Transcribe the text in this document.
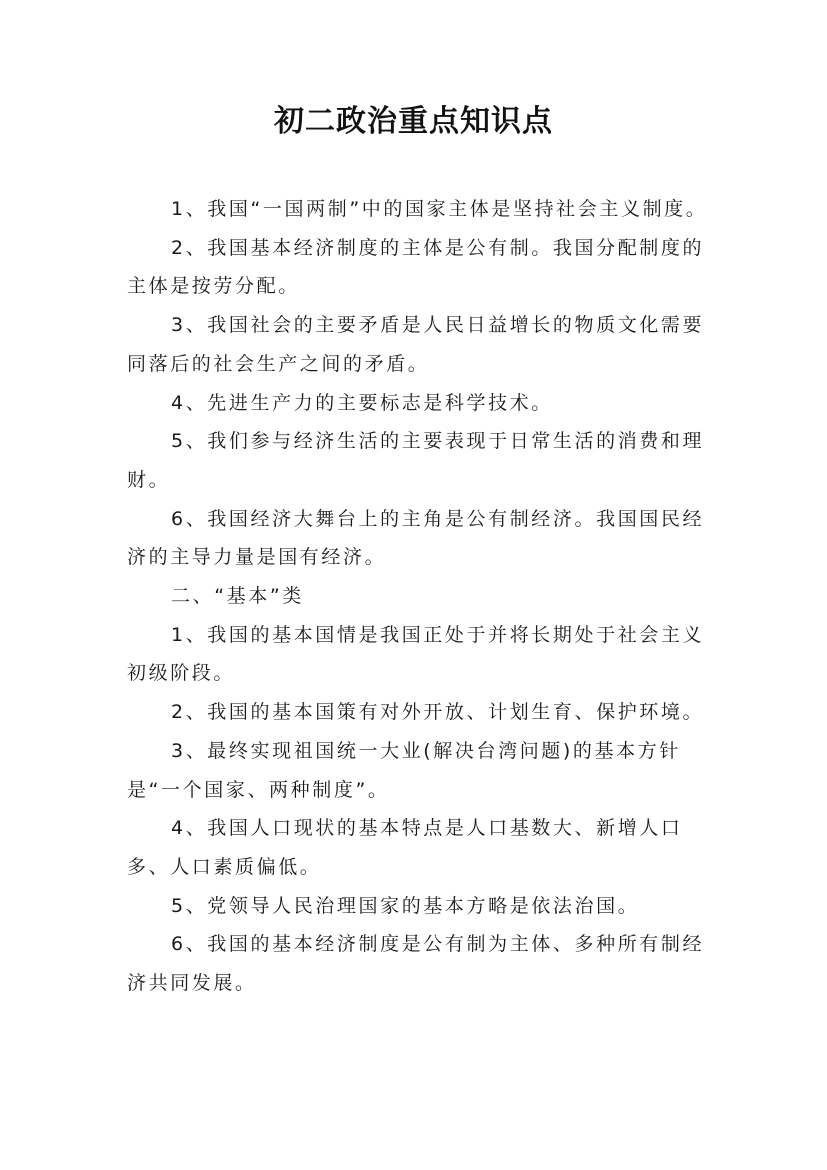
初二政治重点知识点

1、我国“一国两制”中的国家主体是坚持社会主义制度。

2、我国基本经济制度的主体是公有制。我国分配制度的主体是按劳分配。

3、我国社会的主要矛盾是人民日益增长的物质文化需要同落后的社会生产之间的矛盾。

4、先进生产力的主要标志是科学技术。

5、我们参与经济生活的主要表现于日常生活的消费和理财。

6、我国经济大舞台上的主角是公有制经济。我国国民经济的主导力量是国有经济。

二、“基本”类

1、我国的基本国情是我国正处于并将长期处于社会主义初级阶段。

2、我国的基本国策有对外开放、计划生育、保护环境。

3、最终实现祖国统一大业(解决台湾问题)的基本方针是“一个国家、两种制度”。

4、我国人口现状的基本特点是人口基数大、新增人口多、人口素质偏低。

5、党领导人民治理国家的基本方略是依法治国。

6、我国的基本经济制度是公有制为主体、多种所有制经济共同发展。
